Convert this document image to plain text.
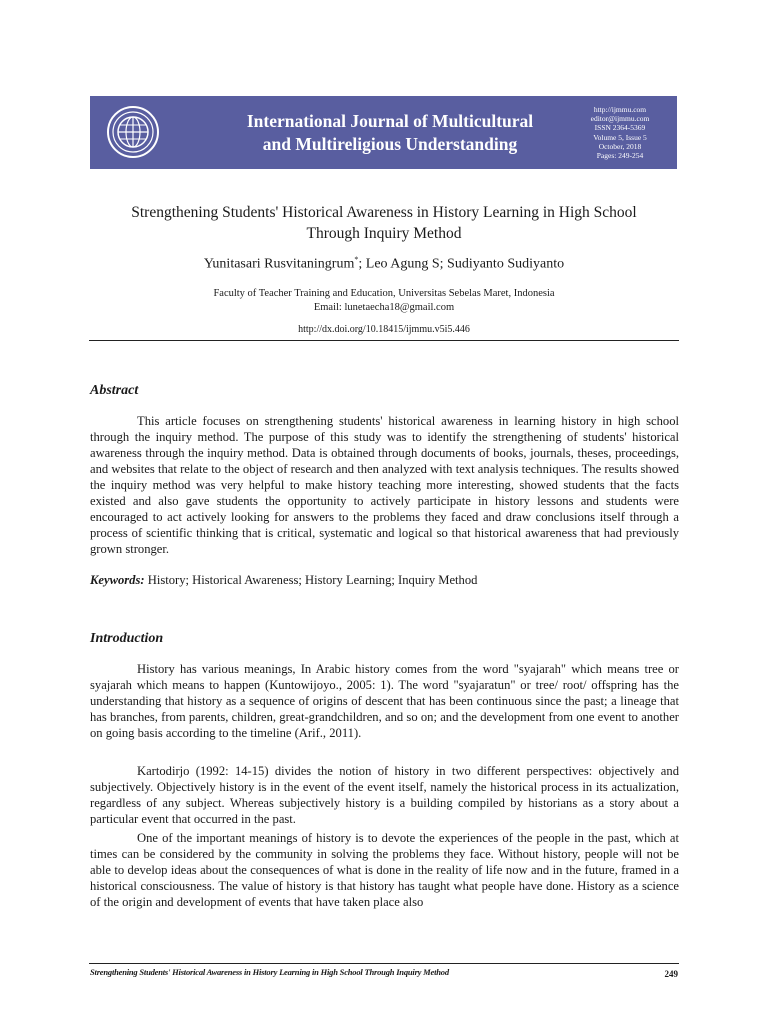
International Journal of Multicultural
and Multireligious Understanding
http://ijmmu.com
editor@ijmmu.com
ISSN 2364-5369
Volume 5, Issue 5
October, 2018
Pages: 249-254
Strengthening Students' Historical Awareness in History Learning in High School
Through Inquiry Method
Yunitasari Rusvitaningrum*; Leo Agung S; Sudiyanto Sudiyanto
Faculty of Teacher Training and Education, Universitas Sebelas Maret, Indonesia
Email: lunetaecha18@gmail.com
http://dx.doi.org/10.18415/ijmmu.v5i5.446
Abstract

This article focuses on strengthening students' historical awareness in learning history in high school through the inquiry method. The purpose of this study was to identify the strengthening of students' historical awareness through the inquiry method. Data is obtained through documents of books, journals, theses, proceedings, and websites that relate to the object of research and then analyzed with text analysis techniques. The results showed the inquiry method was very helpful to make history teaching more interesting, showed students that the facts existed and also gave students the opportunity to actively participate in history lessons and students were encouraged to act actively looking for answers to the problems they faced and draw conclusions itself through a process of scientific thinking that is critical, systematic and logical so that historical awareness that had previously grown stronger.

Keywords: History; Historical Awareness; History Learning; Inquiry Method
Introduction

History has various meanings, In Arabic history comes from the word "syajarah" which means tree or syajarah which means to happen (Kuntowijoyo., 2005: 1). The word "syajaratun" or tree/ root/ offspring has the understanding that history as a sequence of origins of descent that has been continuous since the past; a lineage that has branches, from parents, children, great-grandchildren, and so on; and the development from one event to another on going basis according to the timeline (Arif., 2011).

Kartodirjo (1992: 14-15) divides the notion of history in two different perspectives: objectively and subjectively. Objectively history is in the event of the event itself, namely the historical process in its actualization, regardless of any subject. Whereas subjectively history is a building compiled by historians as a story about a particular event that occurred in the past.

One of the important meanings of history is to devote the experiences of the people in the past, which at times can be considered by the community in solving the problems they face. Without history, people will not be able to develop ideas about the consequences of what is done in the reality of life now and in the future, framed in a historical consciousness. The value of history is that history has taught what people have done. History as a science of the origin and development of events that have taken place also

Strengthening Students' Historical Awareness in History Learning in High School Through Inquiry Method	249
